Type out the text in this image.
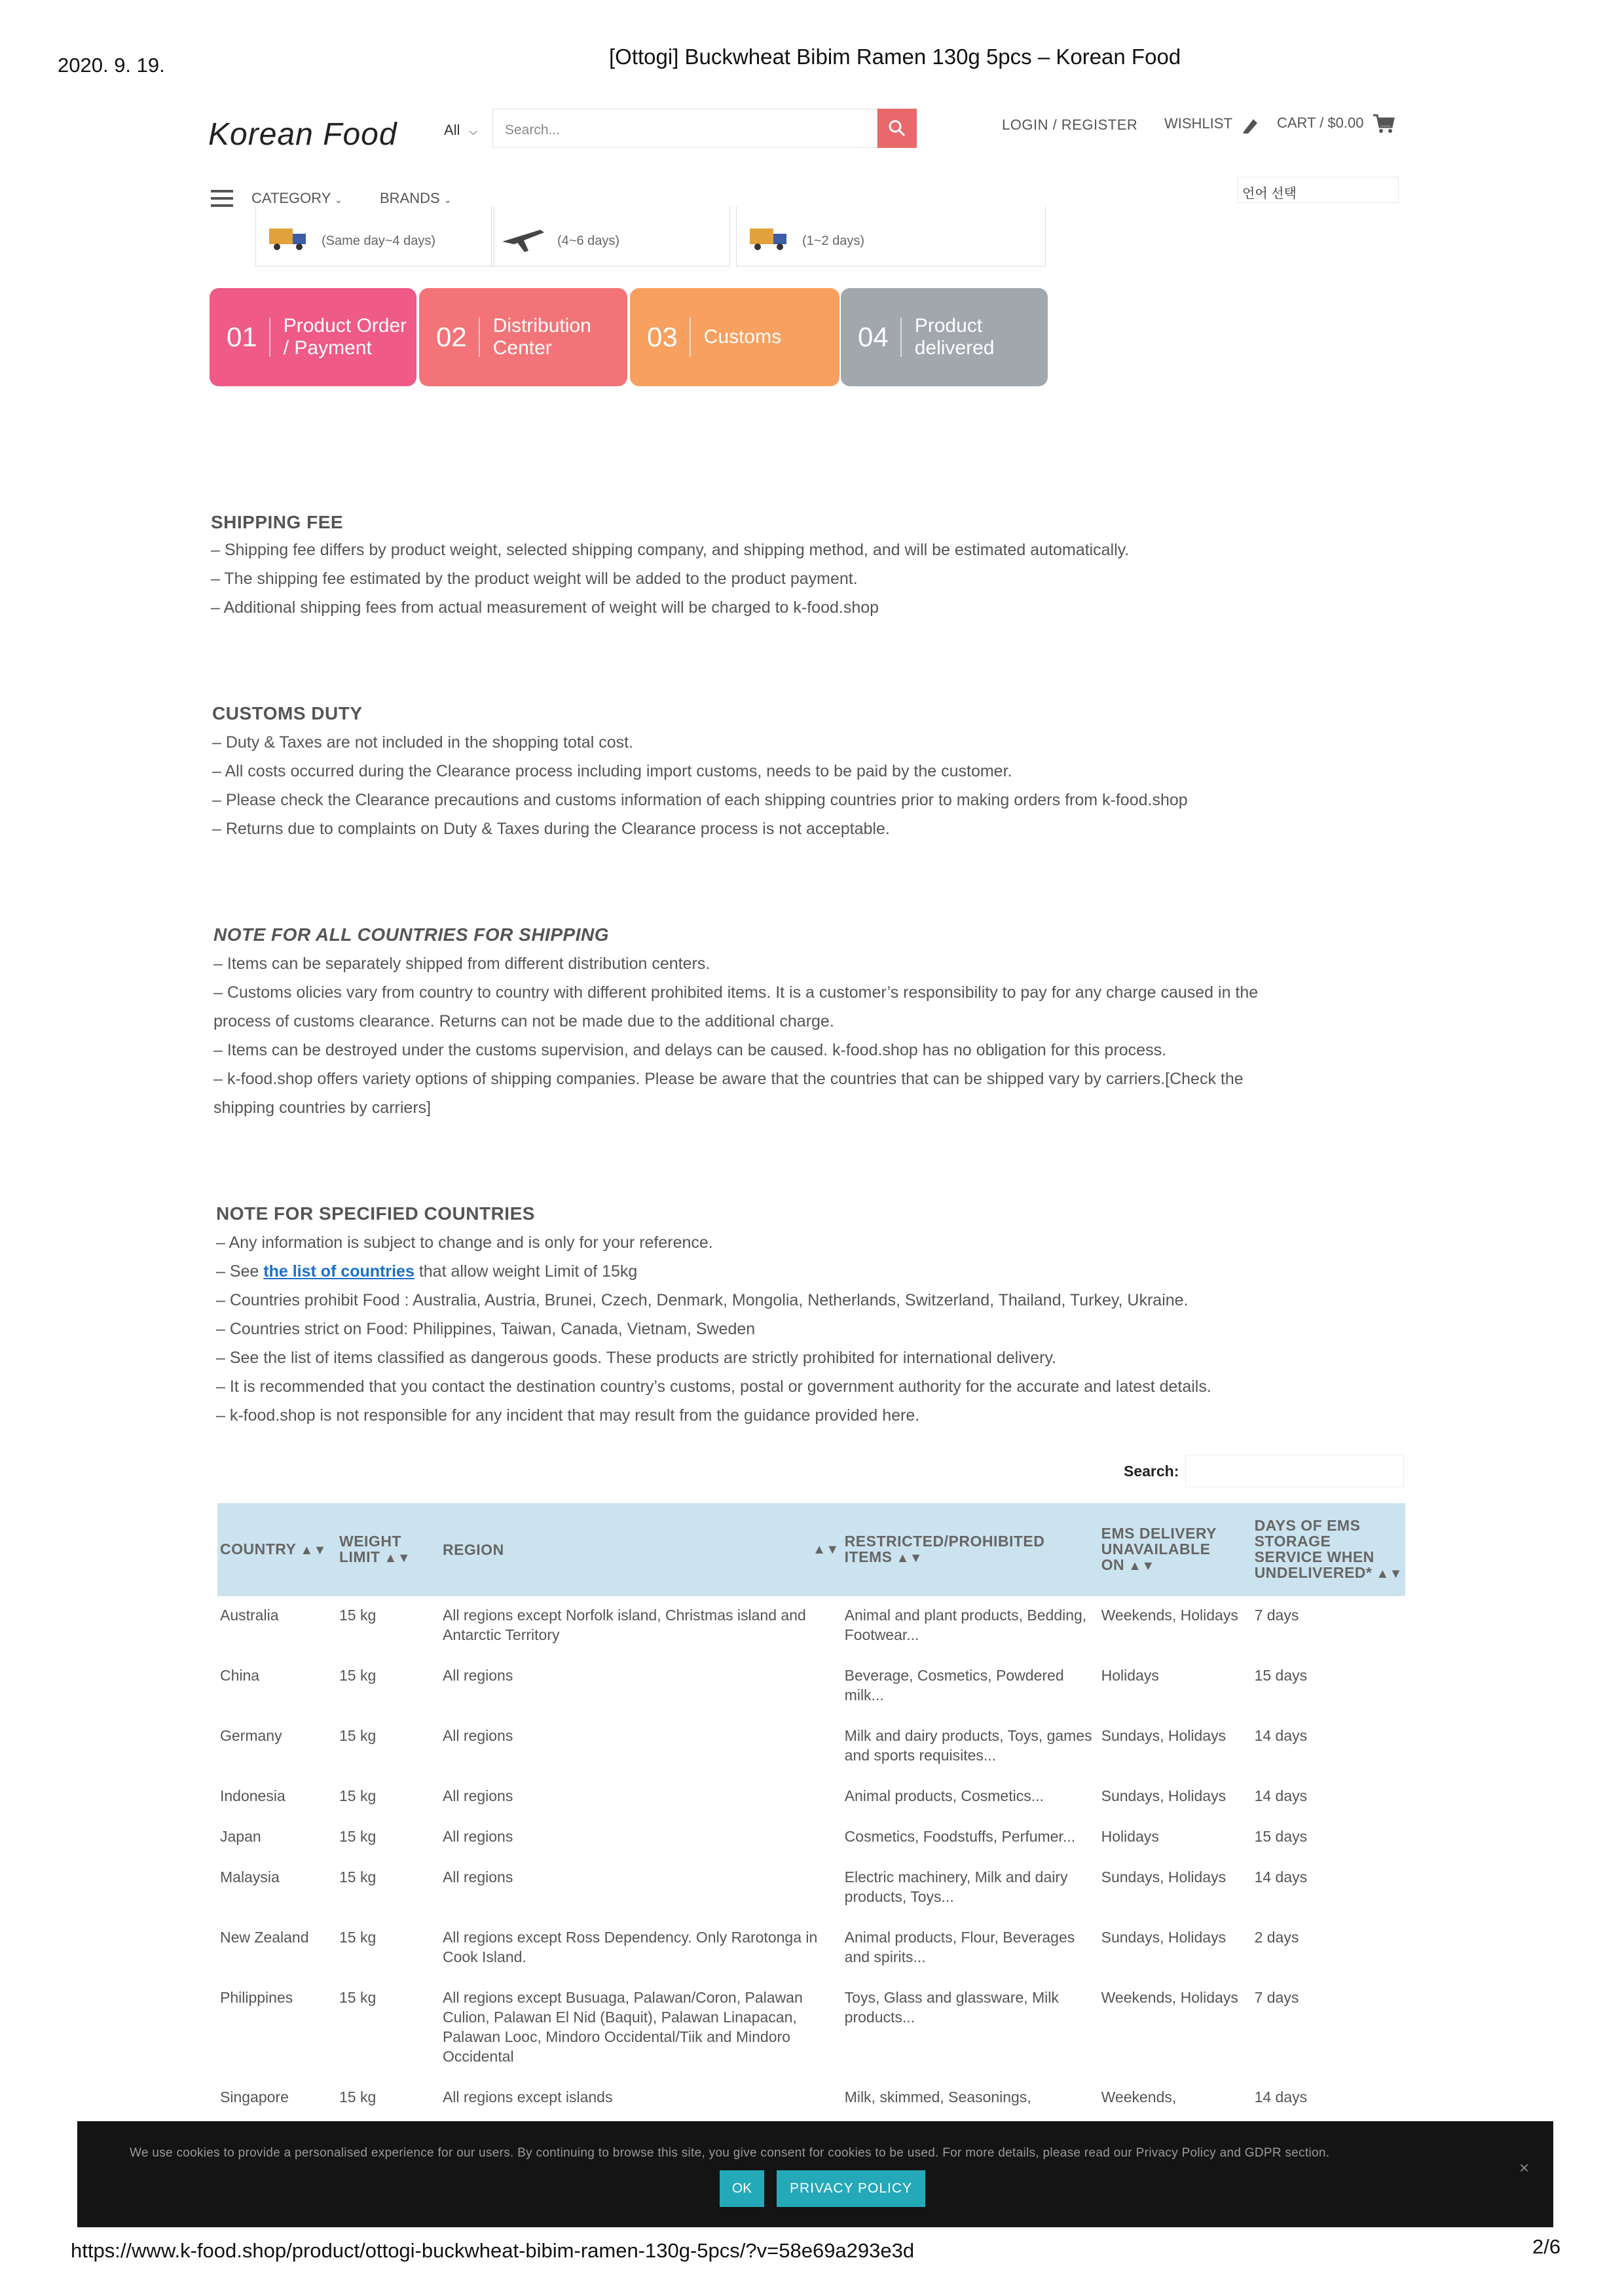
2020. 9. 19.	[Ottogi] Buckwheat Bibim Ramen 130g 5pcs – Korean Food
https://www.k-food.shop/product/ottogi-buckwheat-bibim-ramen-130g-5pcs/?v=58e69a293e3d	2/6
Korean Food	All ⌵	Search...	LOGIN / REGISTER WISHLIST	CART / $0.00
CATEGORY ⌄	BRANDS ⌄	언어 선택
(Same day~4 days)	(4~6 days)	(1~2 days)
01 Product Order
/ Payment	02 Distribution
Center	03 Customs	04 Product
delivered
SHIPPING FEE
– Shipping fee differs by product weight, selected shipping company, and shipping method, and will be estimated automatically.
– The shipping fee estimated by the product weight will be added to the product payment.
– Additional shipping fees from actual measurement of weight will be charged to k-food.shop
CUSTOMS DUTY
– Duty & Taxes are not included in the shopping total cost.
– All costs occurred during the Clearance process including import customs, needs to be paid by the customer.
– Please check the Clearance precautions and customs information of each shipping countries prior to making orders from k-food.shop
– Returns due to complaints on Duty & Taxes during the Clearance process is not acceptable.
NOTE FOR ALL COUNTRIES FOR SHIPPING
– Items can be separately shipped from different distribution centers.
– Customs olicies vary from country to country with different prohibited items. It is a customer’s responsibility to pay for any charge caused in the
process of customs clearance. Returns can not be made due to the additional charge.
– Items can be destroyed under the customs supervision, and delays can be caused. k-food.shop has no obligation for this process.
– k-food.shop offers variety options of shipping companies. Please be aware that the countries that can be shipped vary by carriers.[Check the
shipping countries by carriers]
NOTE FOR SPECIFIED COUNTRIES
– Any information is subject to change and is only for your reference.
– See the list of countries that allow weight Limit of 15kg
– Countries prohibit Food : Australia, Austria, Brunei, Czech, Denmark, Mongolia, Netherlands, Switzerland, Thailand, Turkey, Ukraine.
– Countries strict on Food: Philippines, Taiwan, Canada, Vietnam, Sweden
– See the list of items classified as dangerous goods. These products are strictly prohibited for international delivery.
– It is recommended that you contact the destination country’s customs, postal or government authority for the accurate and latest details.
– k-food.shop is not responsible for any incident that may result from the guidance provided here.
Search:
COUNTRY ▲▼	WEIGHT LIMIT ▲▼	REGION ▲▼	RESTRICTED/PROHIBITED ITEMS ▲▼	EMS DELIVERY UNAVAILABLE ON ▲▼	DAYS OF EMS STORAGE SERVICE WHEN UNDELIVERED* ▲▼
Australia	15 kg	All regions except Norfolk island, Christmas island and Antarctic Territory	Animal and plant products, Bedding, Footwear...	Weekends, Holidays	7 days
China	15 kg	All regions	Beverage, Cosmetics, Powdered milk...	Holidays	15 days
Germany	15 kg	All regions	Milk and dairy products, Toys, games and sports requisites...	Sundays, Holidays	14 days
Indonesia	15 kg	All regions	Animal products, Cosmetics...	Sundays, Holidays	14 days
Japan	15 kg	All regions	Cosmetics, Foodstuffs, Perfumer...	Holidays	15 days
Malaysia	15 kg	All regions	Electric machinery, Milk and dairy products, Toys...	Sundays, Holidays	14 days
New Zealand	15 kg	All regions except Ross Dependency. Only Rarotonga in Cook Island.	Animal products, Flour, Beverages and spirits...	Sundays, Holidays	2 days
Philippines	15 kg	All regions except Busuaga, Palawan/Coron, Palawan Culion, Palawan El Nid (Baquit), Palawan Linapacan, Palawan Looc, Mindoro Occidental/Tiik and Mindoro Occidental	Toys, Glass and glassware, Milk products...	Weekends, Holidays	7 days
Singapore	15 kg	All regions except islands	Milk, skimmed, Seasonings,	Weekends,	14 days
We use cookies to provide a personalised experience for our users. By continuing to browse this site, you give consent for cookies to be used. For more details, please read our Privacy Policy and GDPR section.
×
OK	PRIVACY POLICY
